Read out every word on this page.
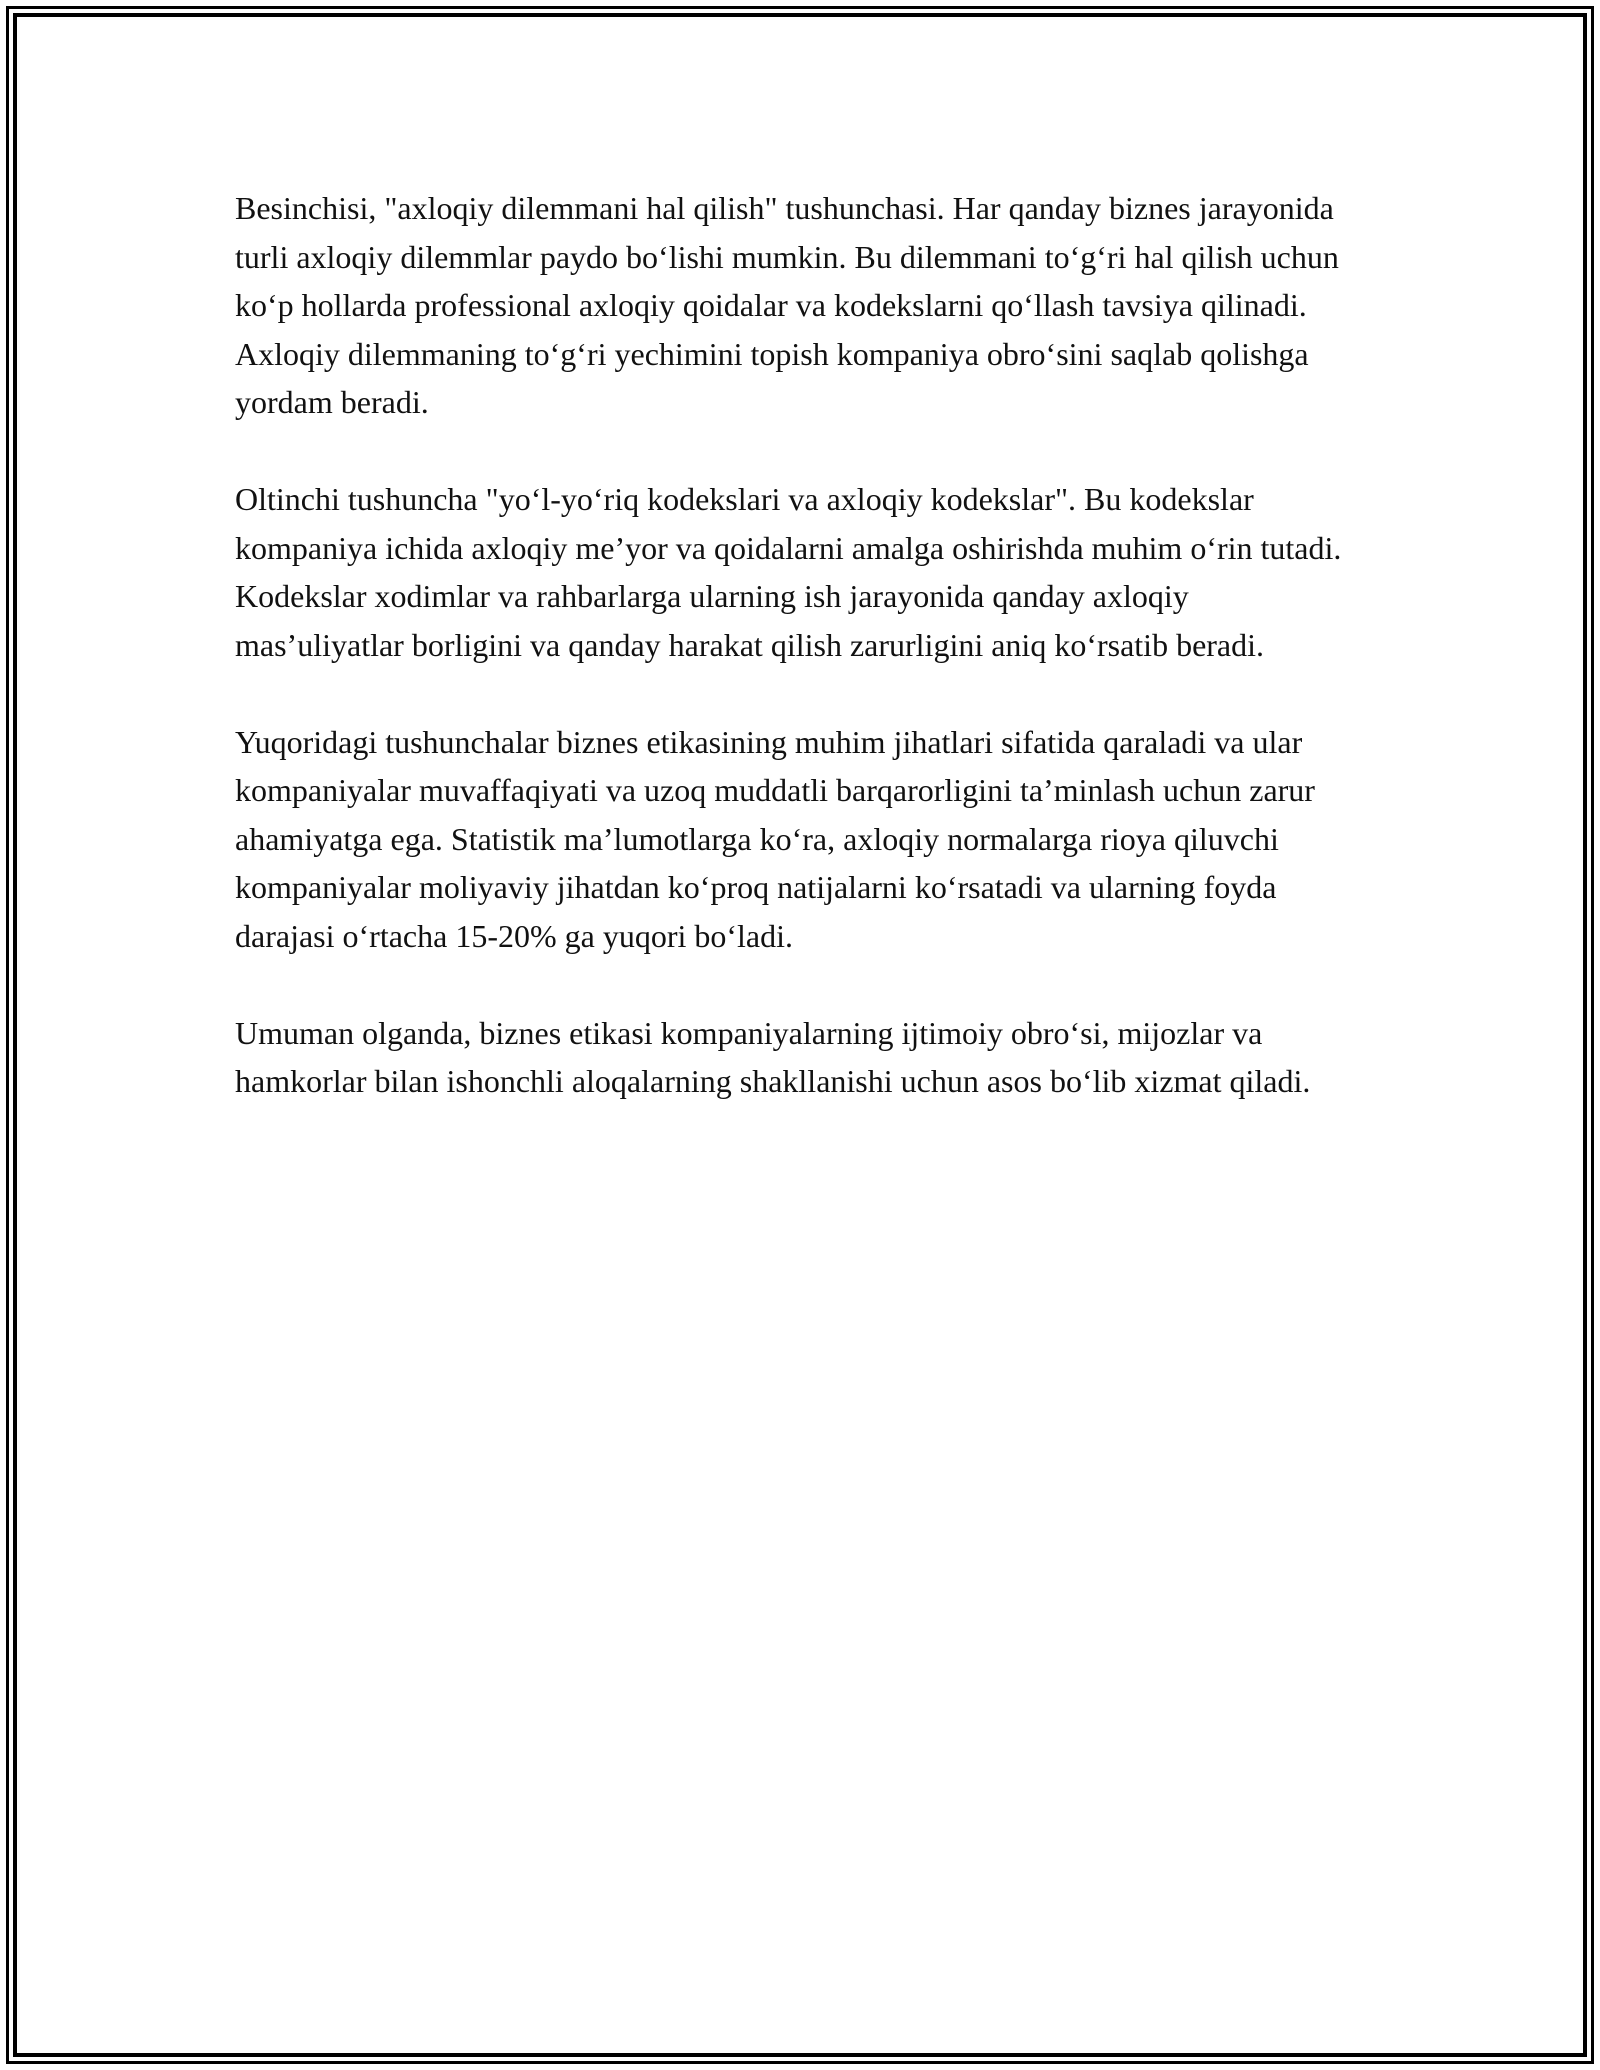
Besinchisi, "axloqiy dilemmani hal qilish" tushunchasi. Har qanday biznes jarayonida turli axloqiy dilemmlar paydo bo‘lishi mumkin. Bu dilemmani to‘g‘ri hal qilish uchun ko‘p hollarda professional axloqiy qoidalar va kodekslarni qo‘llash tavsiya qilinadi. Axloqiy dilemmaning to‘g‘ri yechimini topish kompaniya obro‘sini saqlab qolishga yordam beradi.

Oltinchi tushuncha "yo‘l-yo‘riq kodekslari va axloqiy kodekslar". Bu kodekslar kompaniya ichida axloqiy me’yor va qoidalarni amalga oshirishda muhim o‘rin tutadi. Kodekslar xodimlar va rahbarlarga ularning ish jarayonida qanday axloqiy mas’uliyatlar borligini va qanday harakat qilish zarurligini aniq ko‘rsatib beradi.

Yuqoridagi tushunchalar biznes etikasining muhim jihatlari sifatida qaraladi va ular kompaniyalar muvaffaqiyati va uzoq muddatli barqarorligini ta’minlash uchun zarur ahamiyatga ega. Statistik ma’lumotlarga ko‘ra, axloqiy normalarga rioya qiluvchi kompaniyalar moliyaviy jihatdan ko‘proq natijalarni ko‘rsatadi va ularning foyda darajasi o‘rtacha 15-20% ga yuqori bo‘ladi.

Umuman olganda, biznes etikasi kompaniyalarning ijtimoiy obro‘si, mijozlar va hamkorlar bilan ishonchli aloqalarning shakllanishi uchun asos bo‘lib xizmat qiladi.
